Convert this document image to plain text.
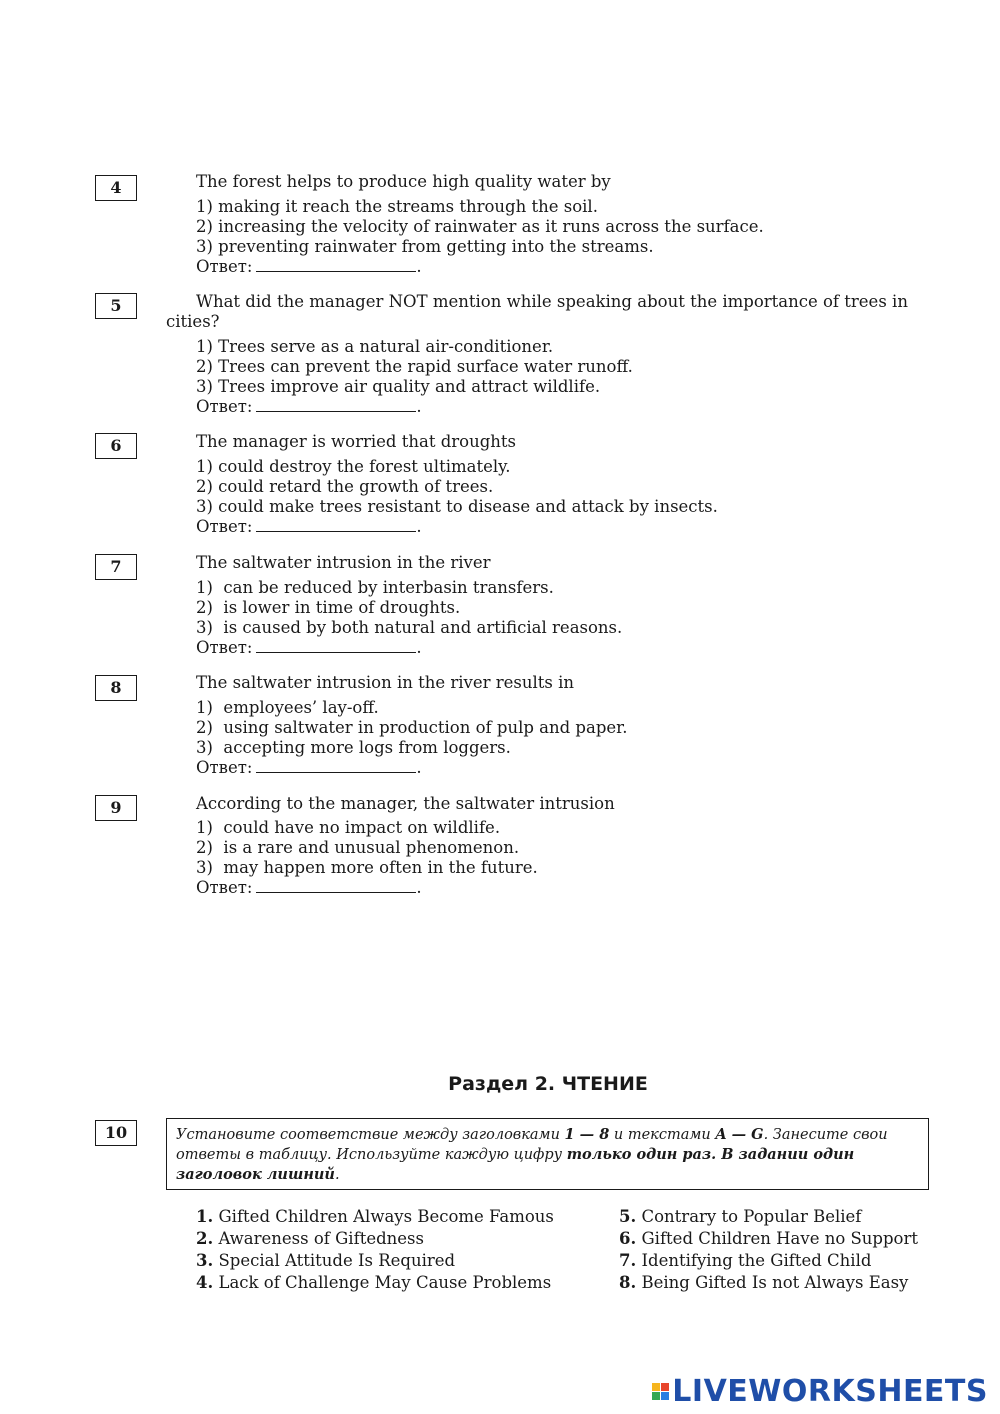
4	The forest helps to produce high quality water by
1) making it reach the streams through the soil.
2) increasing the velocity of rainwater as it runs across the surface.
3) preventing rainwater from getting into the streams.
Ответ:	.
5	What did the manager NOT mention while speaking about the importance of trees in cities?
1) Trees serve as a natural air-conditioner.
2) Trees can prevent the rapid surface water runoff.
3) Trees improve air quality and attract wildlife.
Ответ:	.
6	The manager is worried that droughts
1) could destroy the forest ultimately.
2) could retard the growth of trees.
3) could make trees resistant to disease and attack by insects.
Ответ:	.
7	The saltwater intrusion in the river
1)  can be reduced by interbasin transfers.
2)  is lower in time of droughts.
3)  is caused by both natural and artificial reasons.
Ответ:	.
8	The saltwater intrusion in the river results in
1)  employees’ lay-off.
2)  using saltwater in production of pulp and paper.
3)  accepting more logs from loggers.
Ответ:	.
9	According to the manager, the saltwater intrusion
1)  could have no impact on wildlife.
2)  is a rare and unusual phenomenon.
3)  may happen more often in the future.
Ответ:	.
Раздел 2. ЧТЕНИЕ
10	Установите соответствие между заголовками 1 — 8 и текстами A — G. Занесите свои ответы в таблицу. Используйте каждую цифру только один раз. В задании один заголовок лишний.
1. Gifted Children Always Become Famous
2. Awareness of Giftedness
3. Special Attitude Is Required
4. Lack of Challenge May Cause Problems
5. Contrary to Popular Belief
6. Gifted Children Have no Support
7. Identifying the Gifted Child
8. Being Gifted Is not Always Easy
LIVEWORKSHEETS
